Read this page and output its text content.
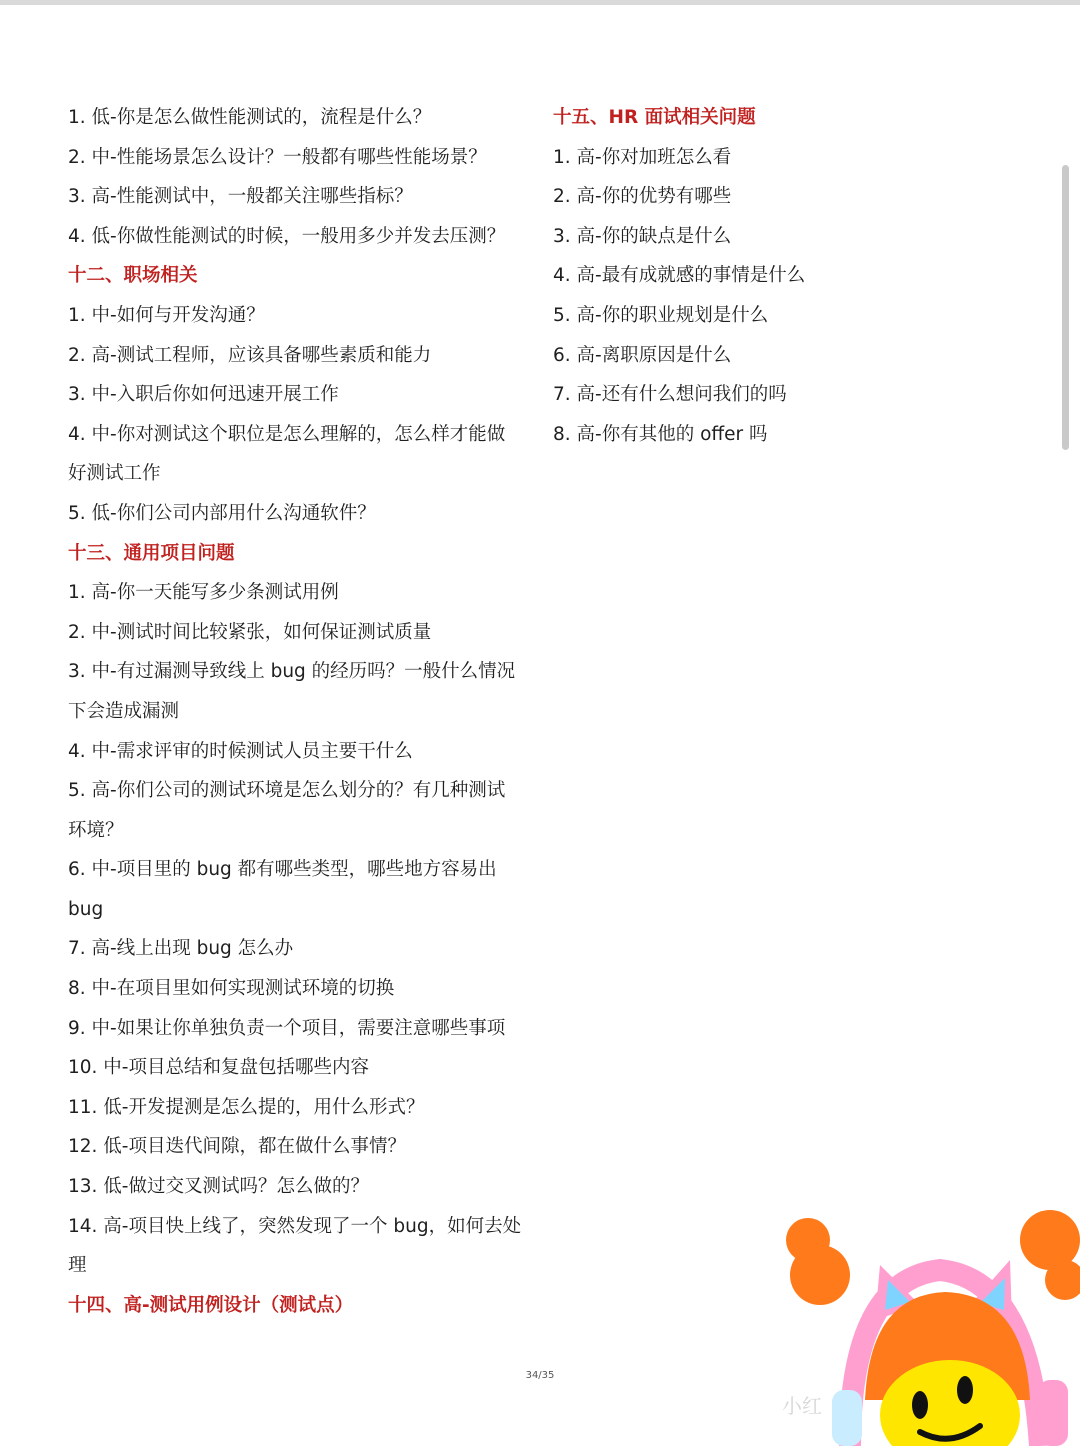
1. 低-你是怎么做性能测试的，流程是什么？
2. 中-性能场景怎么设计？一般都有哪些性能场景？
3. 高-性能测试中，一般都关注哪些指标？
4. 低-你做性能测试的时候，一般用多少并发去压测？
十二、职场相关
1. 中-如何与开发沟通？
2. 高-测试工程师，应该具备哪些素质和能力
3. 中-入职后你如何迅速开展工作
4. 中-你对测试这个职位是怎么理解的，怎么样才能做
好测试工作
5. 低-你们公司内部用什么沟通软件？
十三、通用项目问题
1. 高-你一天能写多少条测试用例
2. 中-测试时间比较紧张，如何保证测试质量
3. 中-有过漏测导致线上 bug 的经历吗？一般什么情况
下会造成漏测
4. 中-需求评审的时候测试人员主要干什么
5. 高-你们公司的测试环境是怎么划分的？有几种测试
环境？
6. 中-项目里的 bug 都有哪些类型，哪些地方容易出
bug
7. 高-线上出现 bug 怎么办
8. 中-在项目里如何实现测试环境的切换
9. 中-如果让你单独负责一个项目，需要注意哪些事项
10. 中-项目总结和复盘包括哪些内容
11. 低-开发提测是怎么提的，用什么形式？
12. 低-项目迭代间隙，都在做什么事情？
13. 低-做过交叉测试吗？怎么做的？
14. 高-项目快上线了，突然发现了一个 bug，如何去处
理
十四、高-测试用例设计（测试点）
十五、HR 面试相关问题
1. 高-你对加班怎么看
2. 高-你的优势有哪些
3. 高-你的缺点是什么
4. 高-最有成就感的事情是什么
5. 高-你的职业规划是什么
6. 高-离职原因是什么
7. 高-还有什么想问我们的吗
8. 高-你有其他的 offer 吗
34/35
小红
